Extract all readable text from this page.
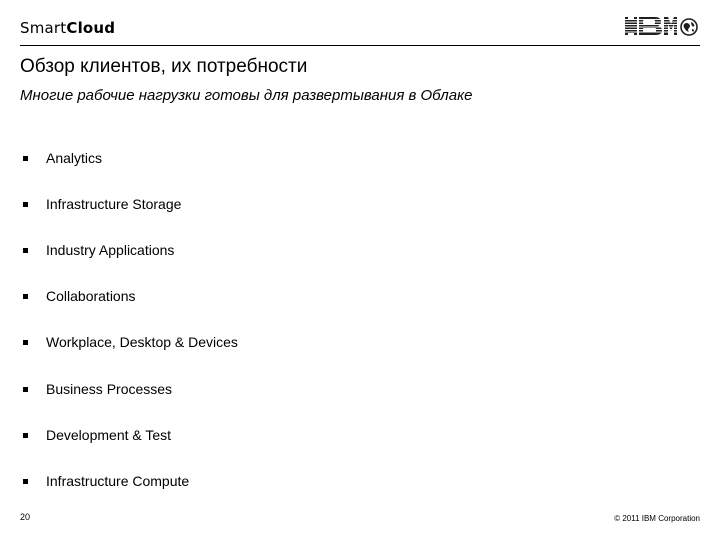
SmartCloud
Обзор клиентов, их потребности
Многие рабочие нагрузки готовы для развертывания в Облаке
Analytics
Infrastructure Storage
Industry Applications
Collaborations
Workplace, Desktop & Devices
Business Processes
Development & Test
Infrastructure Compute
20	© 2011 IBM Corporation
